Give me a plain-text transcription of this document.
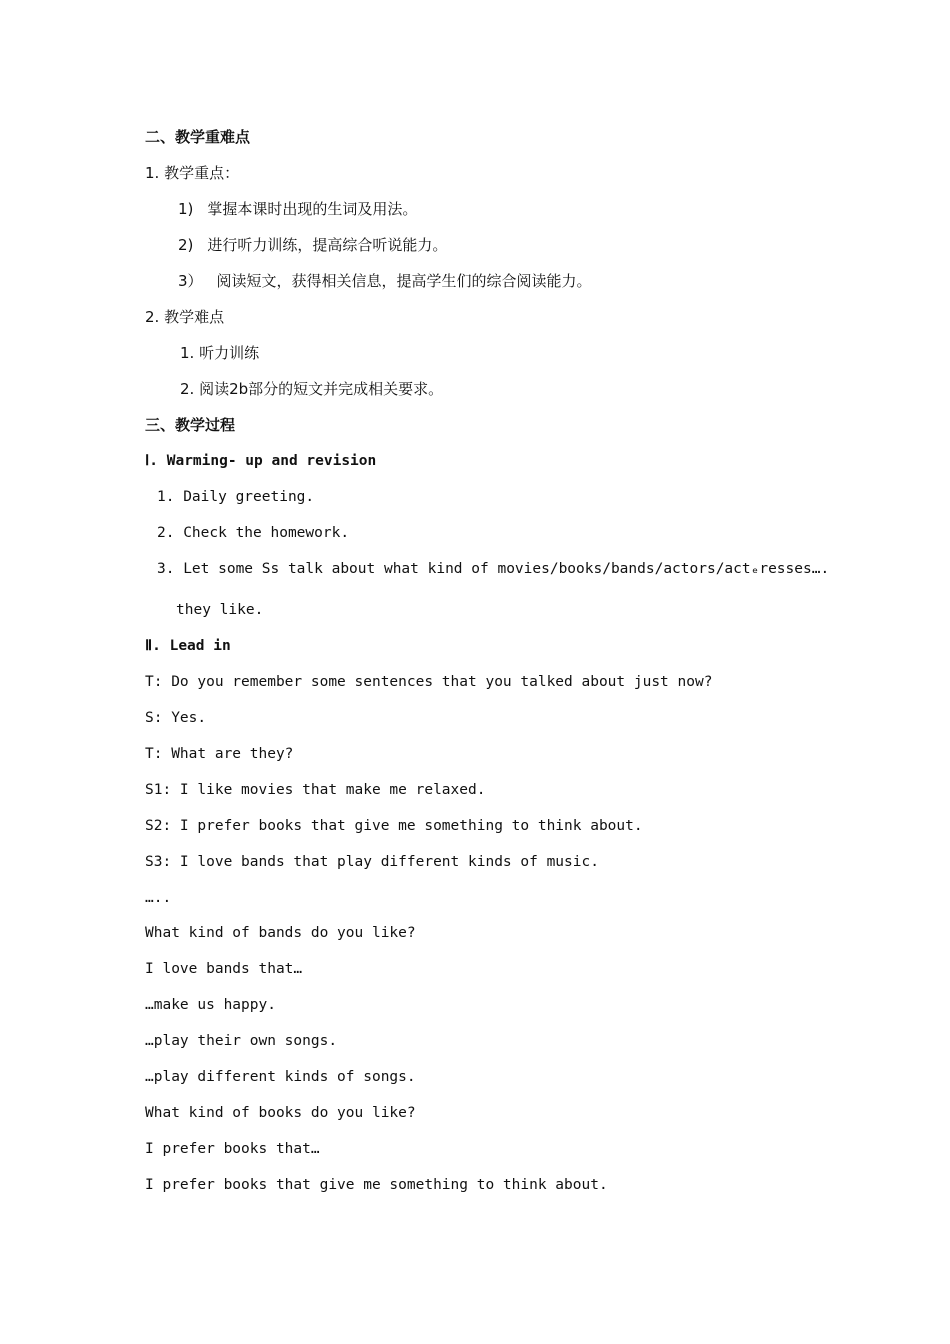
二、教学重难点
1. 教学重点：
1) 掌握本课时出现的生词及用法。
2) 进行听力训练，提高综合听说能力。
3） 阅读短文，获得相关信息，提高学生们的综合阅读能力。
2. 教学难点
1. 听力训练
2. 阅读2b部分的短文并完成相关要求。
三、教学过程
Ⅰ. Warming- up and revision
1. Daily greeting.
2. Check the homework.
3. Let some Ss talk about what kind of movies/books/bands/actors/actₑresses….
they like.
Ⅱ. Lead in
T: Do you remember some sentences that you talked about just now?
S: Yes.
T: What are they?
S1: I like movies that make me relaxed.
S2: I prefer books that give me something to think about.
S3: I love bands that play different kinds of music.
…..
What kind of bands do you like?
I love bands that…
…make us happy.
…play their own songs.
…play different kinds of songs.
What kind of books do you like?
I prefer books that…
I prefer books that give me something to think about.
